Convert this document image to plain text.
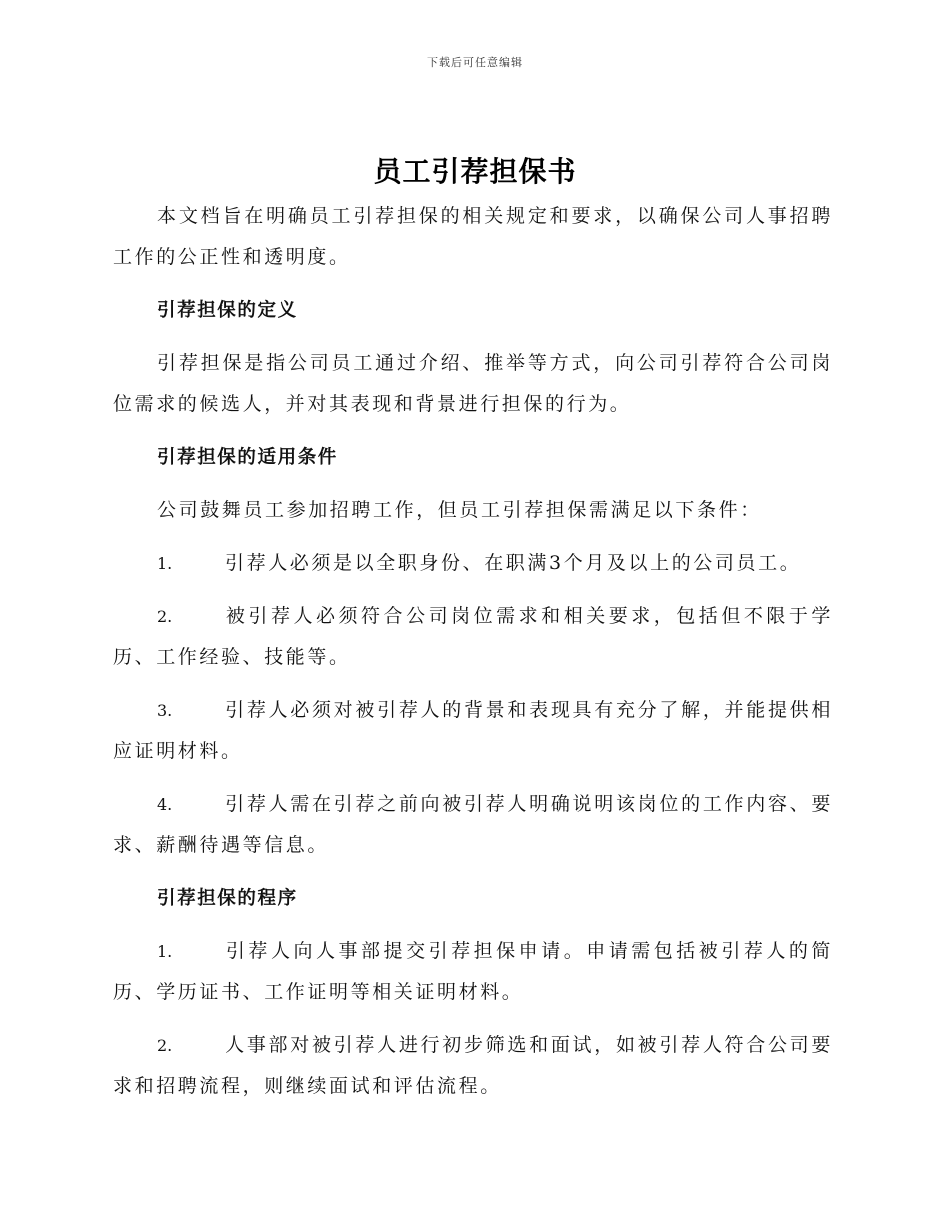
下载后可任意编辑
员工引荐担保书

本文档旨在明确员工引荐担保的相关规定和要求，以确保公司人事招聘工作的公正性和透明度。

引荐担保的定义

引荐担保是指公司员工通过介绍、推举等方式，向公司引荐符合公司岗位需求的候选人，并对其表现和背景进行担保的行为。

引荐担保的适用条件

公司鼓舞员工参加招聘工作，但员工引荐担保需满足以下条件：

1.	引荐人必须是以全职身份、在职满3个月及以上的公司员工。

2.	被引荐人必须符合公司岗位需求和相关要求，包括但不限于学历、工作经验、技能等。

3.	引荐人必须对被引荐人的背景和表现具有充分了解，并能提供相应证明材料。

4.	引荐人需在引荐之前向被引荐人明确说明该岗位的工作内容、要求、薪酬待遇等信息。

引荐担保的程序

1.	引荐人向人事部提交引荐担保申请。申请需包括被引荐人的简历、学历证书、工作证明等相关证明材料。

2.	人事部对被引荐人进行初步筛选和面试，如被引荐人符合公司要求和招聘流程，则继续面试和评估流程。
